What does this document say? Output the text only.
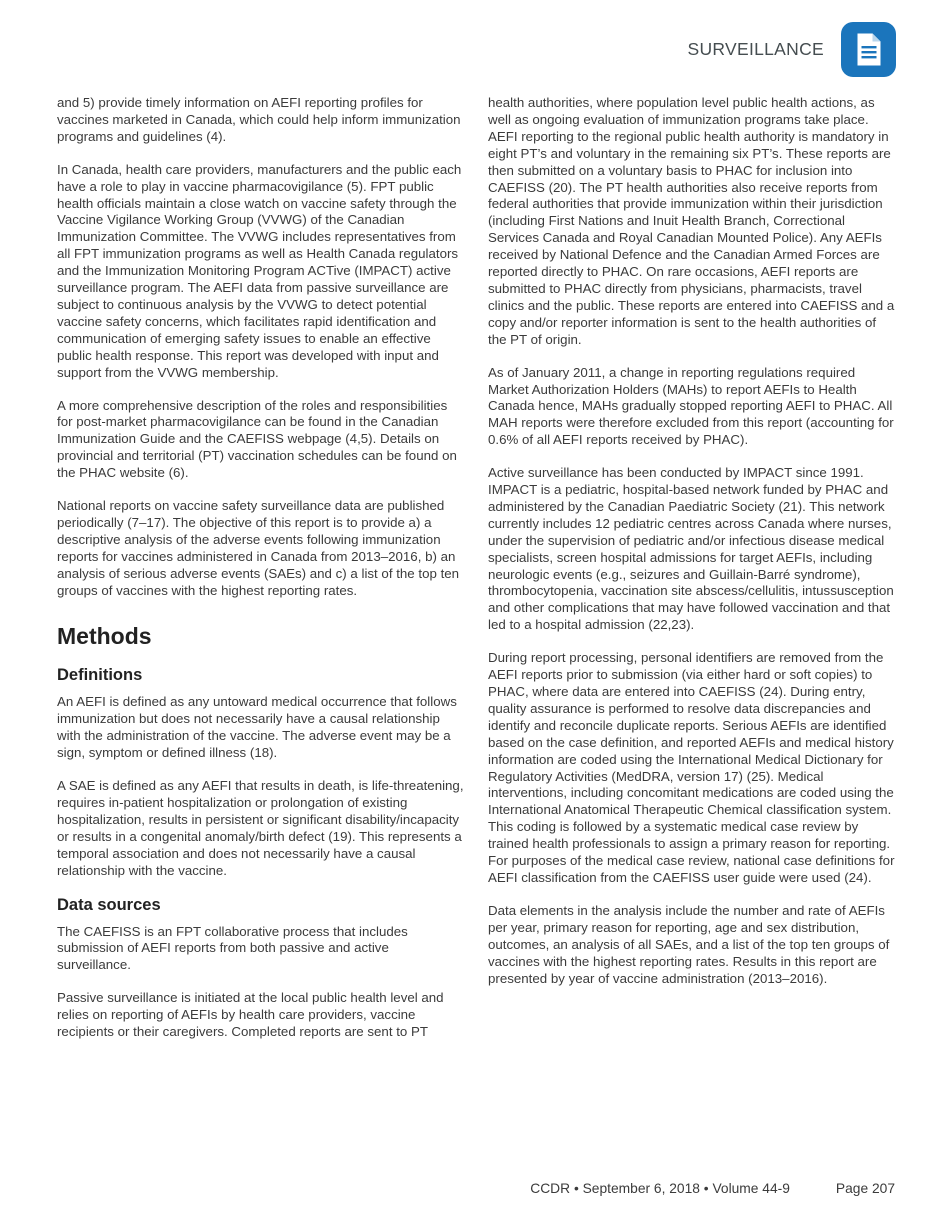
SURVEILLANCE

and 5) provide timely information on AEFI reporting profiles for vaccines marketed in Canada, which could help inform immunization programs and guidelines (4).

In Canada, health care providers, manufacturers and the public each have a role to play in vaccine pharmacovigilance (5). FPT public health officials maintain a close watch on vaccine safety through the Vaccine Vigilance Working Group (VVWG) of the Canadian Immunization Committee. The VVWG includes representatives from all FPT immunization programs as well as Health Canada regulators and the Immunization Monitoring Program ACTive (IMPACT) active surveillance program. The AEFI data from passive surveillance are subject to continuous analysis by the VVWG to detect potential vaccine safety concerns, which facilitates rapid identification and communication of emerging safety issues to enable an effective public health response. This report was developed with input and support from the VVWG membership.

A more comprehensive description of the roles and responsibilities for post-market pharmacovigilance can be found in the Canadian Immunization Guide and the CAEFISS webpage (4,5). Details on provincial and territorial (PT) vaccination schedules can be found on the PHAC website (6).

National reports on vaccine safety surveillance data are published periodically (7–17). The objective of this report is to provide a) a descriptive analysis of the adverse events following immunization reports for vaccines administered in Canada from 2013–2016, b) an analysis of serious adverse events (SAEs) and c) a list of the top ten groups of vaccines with the highest reporting rates.

Methods
Definitions

An AEFI is defined as any untoward medical occurrence that follows immunization but does not necessarily have a causal relationship with the administration of the vaccine. The adverse event may be a sign, symptom or defined illness (18).

A SAE is defined as any AEFI that results in death, is life-threatening, requires in-patient hospitalization or prolongation of existing hospitalization, results in persistent or significant disability/incapacity or results in a congenital anomaly/birth defect (19). This represents a temporal association and does not necessarily have a causal relationship with the vaccine.

Data sources

The CAEFISS is an FPT collaborative process that includes submission of AEFI reports from both passive and active surveillance.

Passive surveillance is initiated at the local public health level and relies on reporting of AEFIs by health care providers, vaccine recipients or their caregivers. Completed reports are sent to PT

health authorities, where population level public health actions, as well as ongoing evaluation of immunization programs take place. AEFI reporting to the regional public health authority is mandatory in eight PT’s and voluntary in the remaining six PT’s. These reports are then submitted on a voluntary basis to PHAC for inclusion into CAEFISS (20). The PT health authorities also receive reports from federal authorities that provide immunization within their jurisdiction (including First Nations and Inuit Health Branch, Correctional Services Canada and Royal Canadian Mounted Police). Any AEFIs received by National Defence and the Canadian Armed Forces are reported directly to PHAC. On rare occasions, AEFI reports are submitted to PHAC directly from physicians, pharmacists, travel clinics and the public. These reports are entered into CAEFISS and a copy and/or reporter information is sent to the health authorities of the PT of origin.

As of January 2011, a change in reporting regulations required Market Authorization Holders (MAHs) to report AEFIs to Health Canada hence, MAHs gradually stopped reporting AEFI to PHAC. All MAH reports were therefore excluded from this report (accounting for 0.6% of all AEFI reports received by PHAC).

Active surveillance has been conducted by IMPACT since 1991. IMPACT is a pediatric, hospital-based network funded by PHAC and administered by the Canadian Paediatric Society (21). This network currently includes 12 pediatric centres across Canada where nurses, under the supervision of pediatric and/or infectious disease medical specialists, screen hospital admissions for target AEFIs, including neurologic events (e.g., seizures and Guillain-Barré syndrome), thrombocytopenia, vaccination site abscess/cellulitis, intussusception and other complications that may have followed vaccination and that led to a hospital admission (22,23).

During report processing, personal identifiers are removed from the AEFI reports prior to submission (via either hard or soft copies) to PHAC, where data are entered into CAEFISS (24). During entry, quality assurance is performed to resolve data discrepancies and identify and reconcile duplicate reports. Serious AEFIs are identified based on the case definition, and reported AEFIs and medical history information are coded using the International Medical Dictionary for Regulatory Activities (MedDRA, version 17) (25). Medical interventions, including concomitant medications are coded using the International Anatomical Therapeutic Chemical classification system. This coding is followed by a systematic medical case review by trained health professionals to assign a primary reason for reporting. For purposes of the medical case review, national case definitions for AEFI classification from the CAEFISS user guide were used (24).

Data elements in the analysis include the number and rate of AEFIs per year, primary reason for reporting, age and sex distribution, outcomes, an analysis of all SAEs, and a list of the top ten groups of vaccines with the highest reporting rates. Results in this report are presented by year of vaccine administration (2013–2016).

CCDR • September 6, 2018 • Volume 44-9	Page 207
